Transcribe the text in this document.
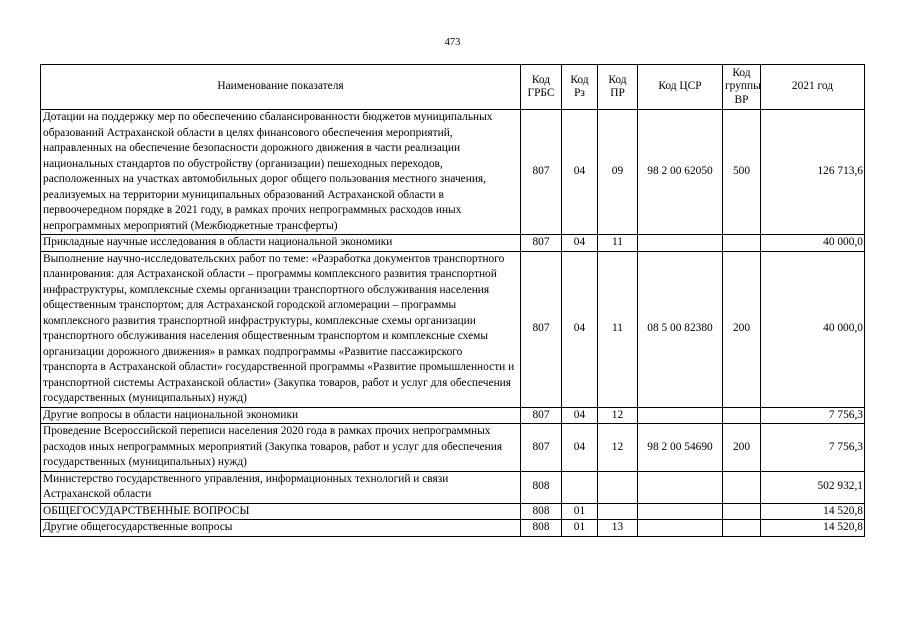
473
Наименование показателя	Код ГРБС	Код Рз	Код ПР	Код ЦСР	Код группы ВР	2021 год
Дотации на поддержку мер по обеспечению сбалансированности бюджетов муниципальных образований Астраханской области в целях финансового обеспечения мероприятий, направленных на обеспечение безопасности дорожного движения в части реализации национальных стандартов по обустройству (организации) пешеходных переходов, расположенных на участках автомобильных дорог общего пользования местного значения, реализуемых на территории муниципальных образований Астраханской области в первоочередном порядке в 2021 году, в рамках прочих непрограммных расходов иных непрограммных мероприятий (Межбюджетные трансферты)	807	04	09	98 2 00 62050	500	126 713,6
Прикладные научные исследования в области национальной экономики	807	04	11			40 000,0
Выполнение научно-исследовательских работ по теме: «Разработка документов транспортного планирования: для Астраханской области – программы комплексного развития транспортной инфраструктуры, комплексные схемы организации транспортного обслуживания населения общественным транспортом; для Астраханской городской агломерации – программы комплексного развития транспортной инфраструктуры, комплексные схемы организации транспортного обслуживания населения общественным транспортом и комплексные схемы организации дорожного движения» в рамках подпрограммы «Развитие пассажирского транспорта в Астраханской области» государственной программы «Развитие промышленности и транспортной системы Астраханской области» (Закупка товаров, работ и услуг для обеспечения государственных (муниципальных) нужд)	807	04	11	08 5 00 82380	200	40 000,0
Другие вопросы в области национальной экономики	807	04	12			7 756,3
Проведение Всероссийской переписи населения 2020 года в рамках прочих непрограммных расходов иных непрограммных мероприятий (Закупка товаров, работ и услуг для обеспечения государственных (муниципальных) нужд)	807	04	12	98 2 00 54690	200	7 756,3
Министерство государственного управления, информационных технологий и связи Астраханской области	808					502 932,1
ОБЩЕГОСУДАРСТВЕННЫЕ ВОПРОСЫ	808	01				14 520,8
Другие общегосударственные вопросы	808	01	13			14 520,8
